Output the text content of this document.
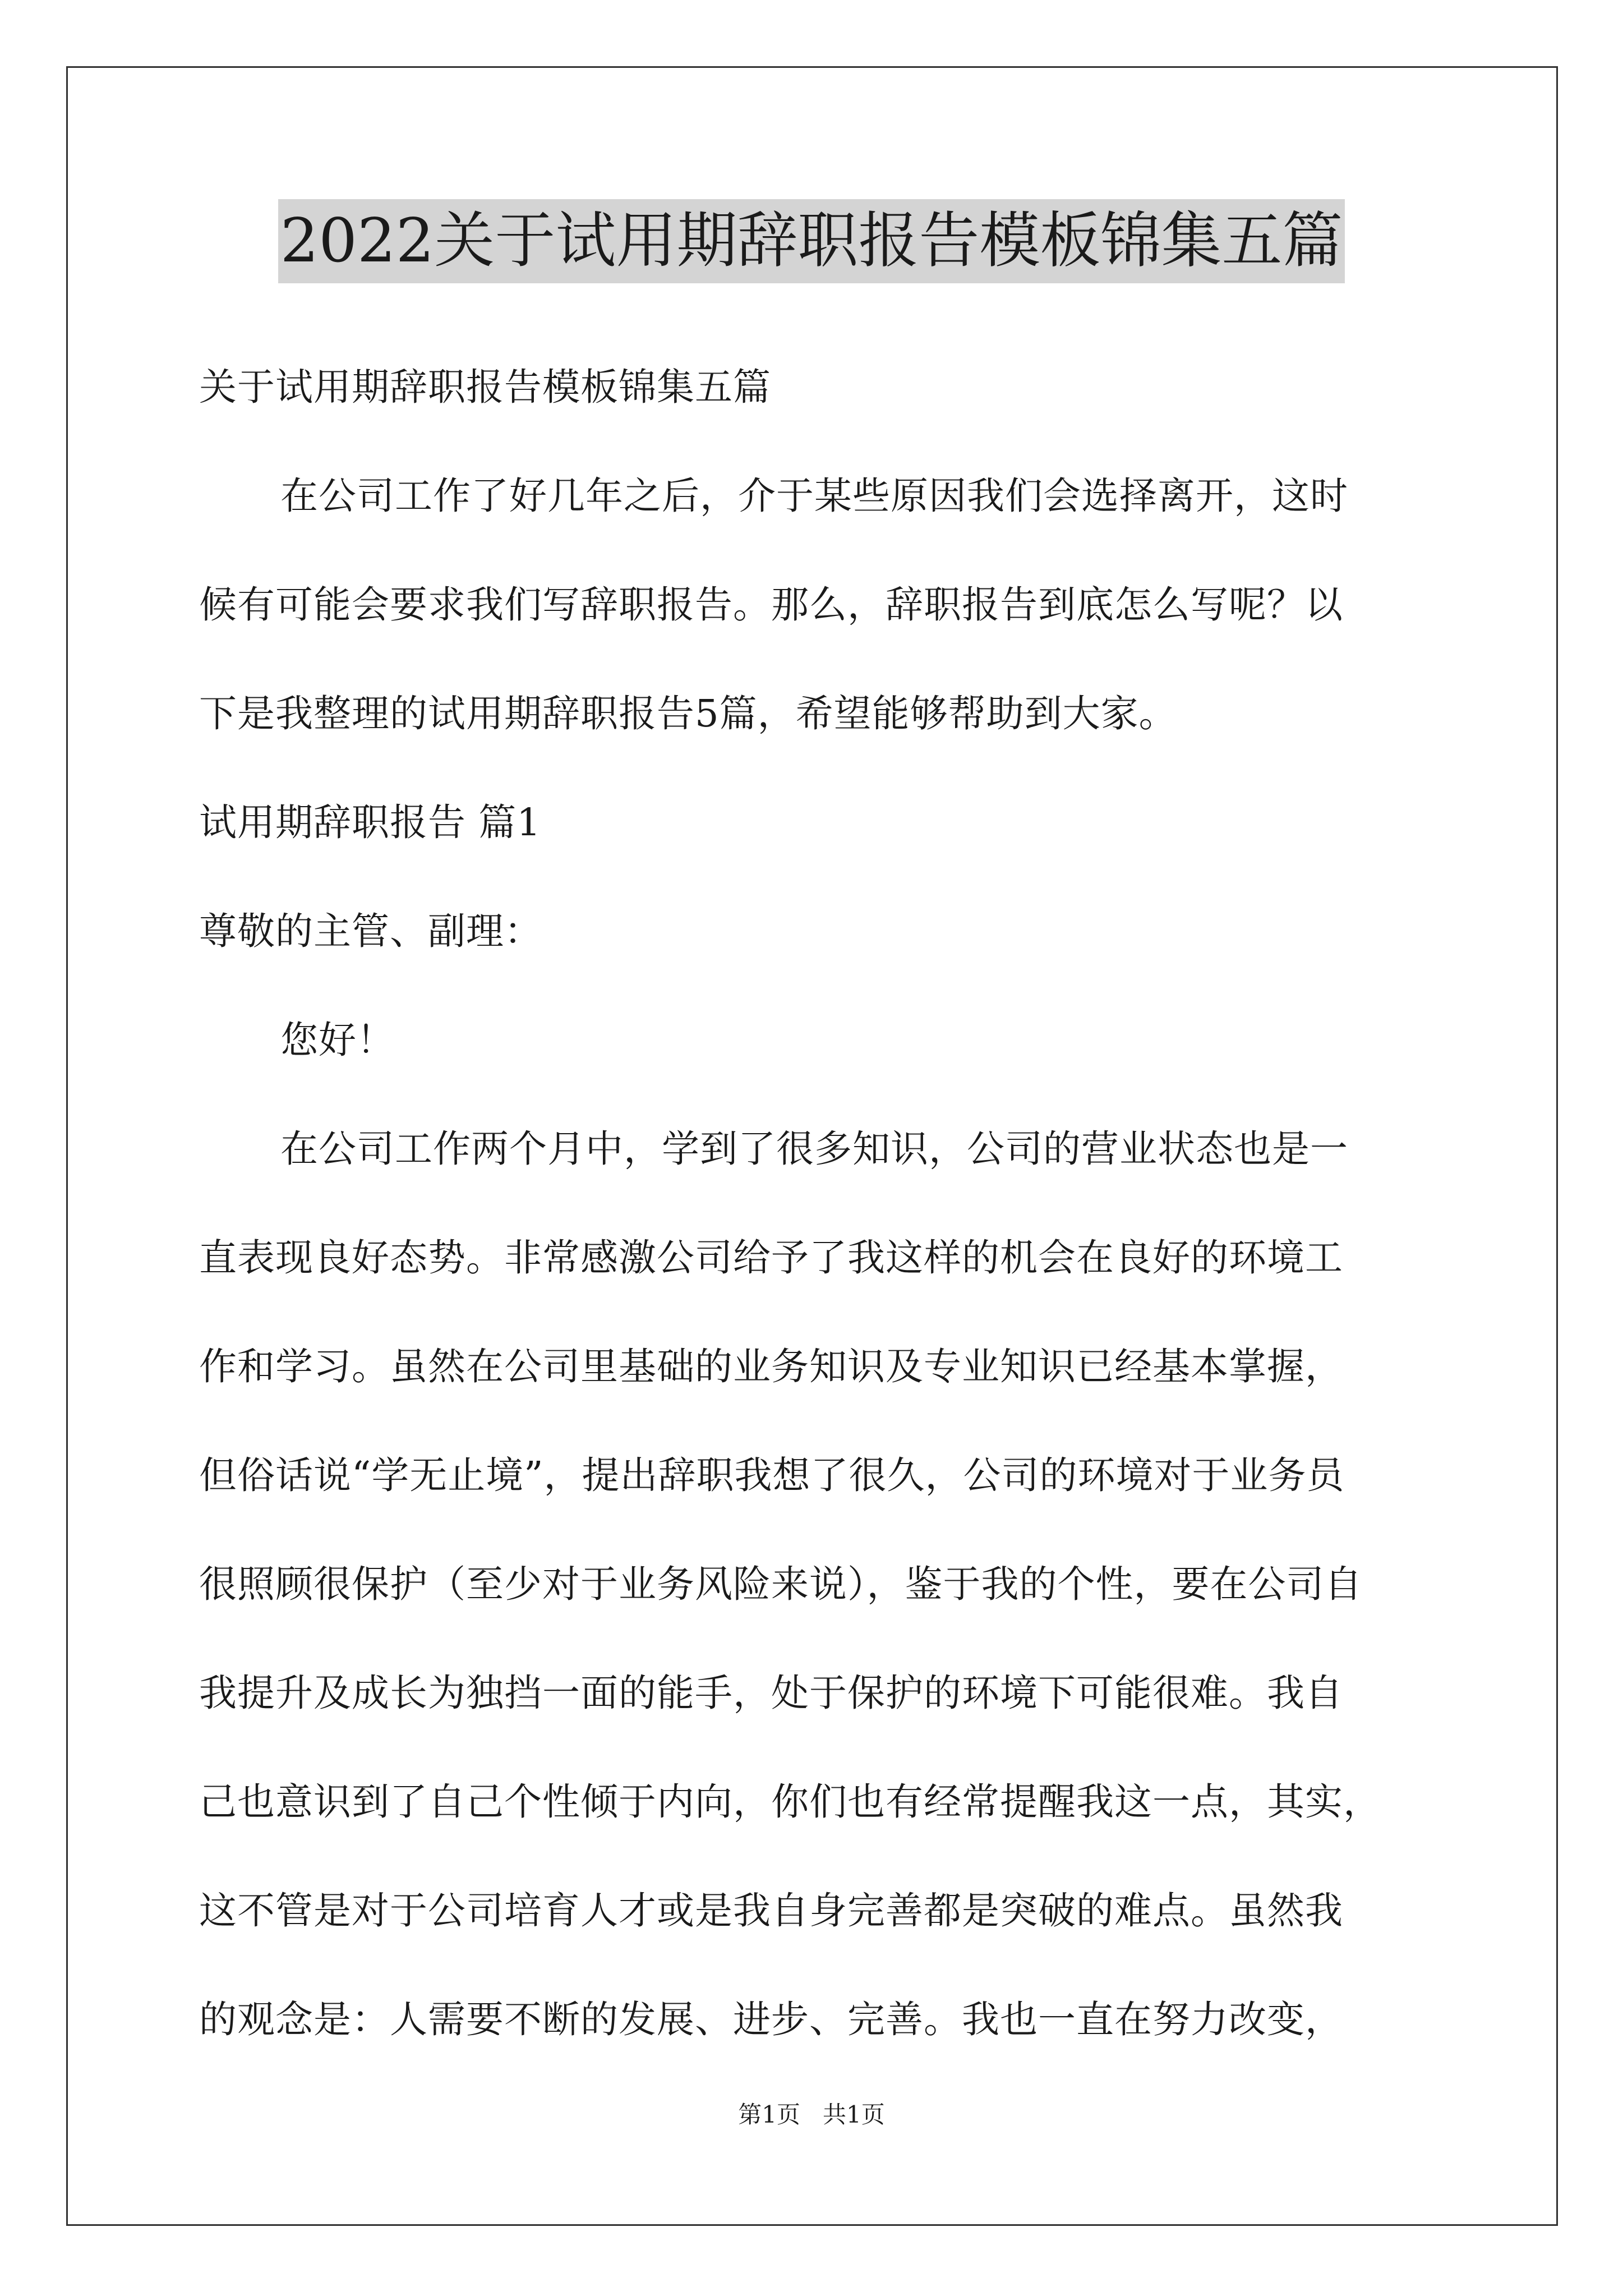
2022关于试用期辞职报告模板锦集五篇
关于试用期辞职报告模板锦集五篇
在公司工作了好几年之后，介于某些原因我们会选择离开，这时
候有可能会要求我们写辞职报告。那么，辞职报告到底怎么写呢？以
下是我整理的试用期辞职报告5篇，希望能够帮助到大家。
试用期辞职报告 篇1
尊敬的主管、副理：
您好！
在公司工作两个月中，学到了很多知识，公司的营业状态也是一
直表现良好态势。非常感激公司给予了我这样的机会在良好的环境工
作和学习。虽然在公司里基础的业务知识及专业知识已经基本掌握，
但俗话说“学无止境”，提出辞职我想了很久，公司的环境对于业务员
很照顾很保护（至少对于业务风险来说），鉴于我的个性，要在公司自
我提升及成长为独挡一面的能手，处于保护的环境下可能很难。我自
己也意识到了自己个性倾于内向，你们也有经常提醒我这一点，其实，
这不管是对于公司培育人才或是我自身完善都是突破的难点。虽然我
的观念是：人需要不断的发展、进步、完善。我也一直在努力改变，
第1页   共1页
